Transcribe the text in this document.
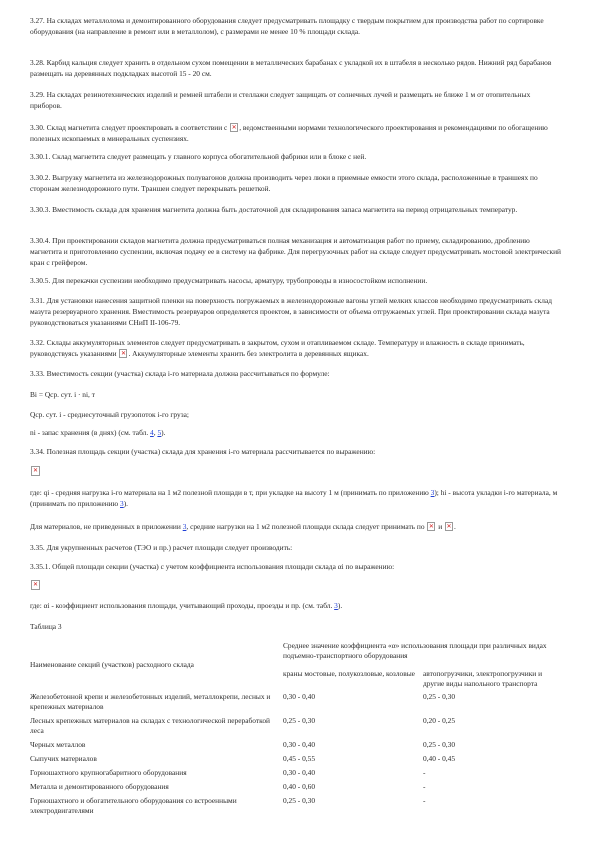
3.27. На складах металлолома и демонтированного оборудования следует предусматривать площадку с твердым покрытием для производства работ по сортировке оборудования (на направление в ремонт или в металлолом), с размерами не менее 10 % площади склада.
3.28. Карбид кальция следует хранить в отдельном сухом помещении в металлических барабанах с укладкой их в штабеля в несколько рядов. Нижний ряд барабанов размещать на деревянных подкладках высотой 15 - 20 см.
3.29. На складах резинотехнических изделий и ремней штабели и стеллажи следует защищать от солнечных лучей и размещать не ближе 1 м от отопительных приборов.
3.30. Склад магнетита следует проектировать в соответствии с ✕, ведомственными нормами технологического проектирования и рекомендациями по обогащению полезных ископаемых в минеральных суспензиях.
3.30.1. Склад магнетита следует размещать у главного корпуса обогатительной фабрики или в блоке с ней.
3.30.2. Выгрузку магнетита из железнодорожных полувагонов должна производить через люки в приемные емкости этого склада, расположенные в траншеях по сторонам железнодорожного пути. Траншеи следует перекрывать решеткой.
3.30.3. Вместимость склада для хранения магнетита должна быть достаточной для складирования запаса магнетита на период отрицательных температур.
3.30.4. При проектировании складов магнетита должна предусматриваться полная механизация и автоматизация работ по приему, складированию, дроблению магнетита и приготовлению суспензии, включая подачу ее в систему на фабрике. Для перегрузочных работ на складе следует предусматривать мостовой электрический кран с грейфером.
3.30.5. Для перекачки суспензии необходимо предусматривать насосы, арматуру, трубопроводы в износостойком исполнении.
3.31. Для установки нанесения защитной пленки на поверхность погружаемых в железнодорожные вагоны углей мелких классов необходимо предусматривать склад мазута резервуарного хранения. Вместимость резервуаров определяется проектом, в зависимости от объема отгружаемых углей. При проектировании склада мазута руководствоваться указаниями СНиП II-106-79.
3.32. Склады аккумуляторных элементов следует предусматривать в закрытом, сухом и отапливаемом складе. Температуру и влажность в складе принимать, руководствуясь указаниями ✕. Аккумуляторные элементы хранить без электролита в деревянных ящиках.
3.33. Вместимость секции (участка) склада i-го материала должна рассчитываться по формуле:
Bi = Qср. сут. i · ni, т
Qср. сут. i - среднесуточный грузопоток i-го груза;
ni - запас хранения (в днях) (см. табл. 4, 5).
3.34. Полезная площадь секции (участка) склада для хранения i-го материала рассчитывается по выражению:
✕
где: qi - средняя нагрузка i-го материала на 1 м2 полезной площади в т, при укладке на высоту 1 м (принимать по приложению 3); hi - высота укладки i-го материала, м (принимать по приложению 3).
Для материалов, не приведенных в приложении 3, средние нагрузки на 1 м2 полезной площади склада следует принимать по ✕ и ✕.
3.35. Для укрупненных расчетов (ТЭО и пр.) расчет площади следует производить:
3.35.1. Общей площади секции (участка) с учетом коэффициента использования площади склада αi по выражению:
✕
где: αi - коэффициент использования площади, учитывающий проходы, проезды и пр. (см. табл. 3).
Таблица 3
Наименование секций (участков) расходного склада	Среднее значение коэффициента «α» использования площади при различных видах подъемно-транспортного оборудования	
	краны мостовые, полукозловые, козловые	автопогрузчики, электропогрузчики и другие виды напольного транспорта
Железобетонной крепи и железобетонных изделий, металлокрепи, лесных и крепежных материалов	0,30 - 0,40	0,25 - 0,30
Лесных крепежных материалов на складах с технологической переработкой леса	0,25 - 0,30	0,20 - 0,25
Черных металлов	0,30 - 0,40	0,25 - 0,30
Сыпучих материалов	0,45 - 0,55	0,40 - 0,45
Горношахтного крупногабаритного оборудования	0,30 - 0,40	-
Металла и демонтированного оборудования	0,40 - 0,60	-
Горношахтного и обогатительного оборудования со встроенными электродвигателями	0,25 - 0,30	-
